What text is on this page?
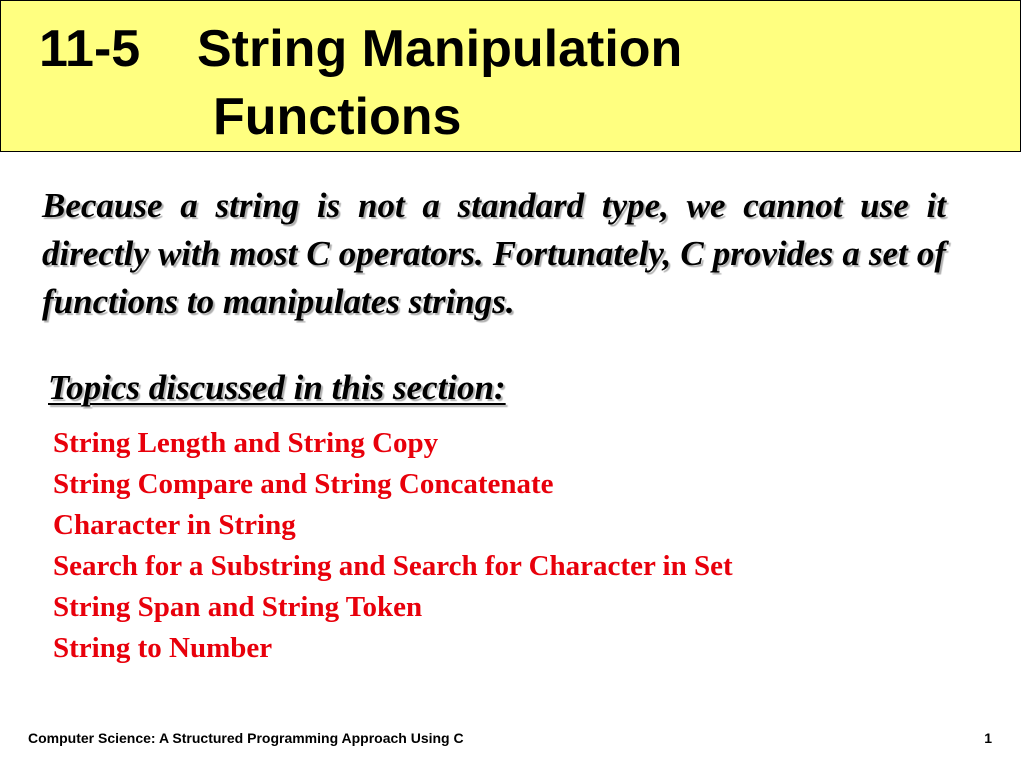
11-5 String Manipulation
Functions
Because a string is not a standard type, we cannot use it directly with most C operators. Fortunately, C provides a set of functions to manipulates strings.
Topics discussed in this section:
String Length and String Copy
String Compare and String Concatenate
Character in String
Search for a Substring and Search for Character in Set
String Span and String Token
String to Number
Computer Science: A Structured Programming Approach Using C	1
